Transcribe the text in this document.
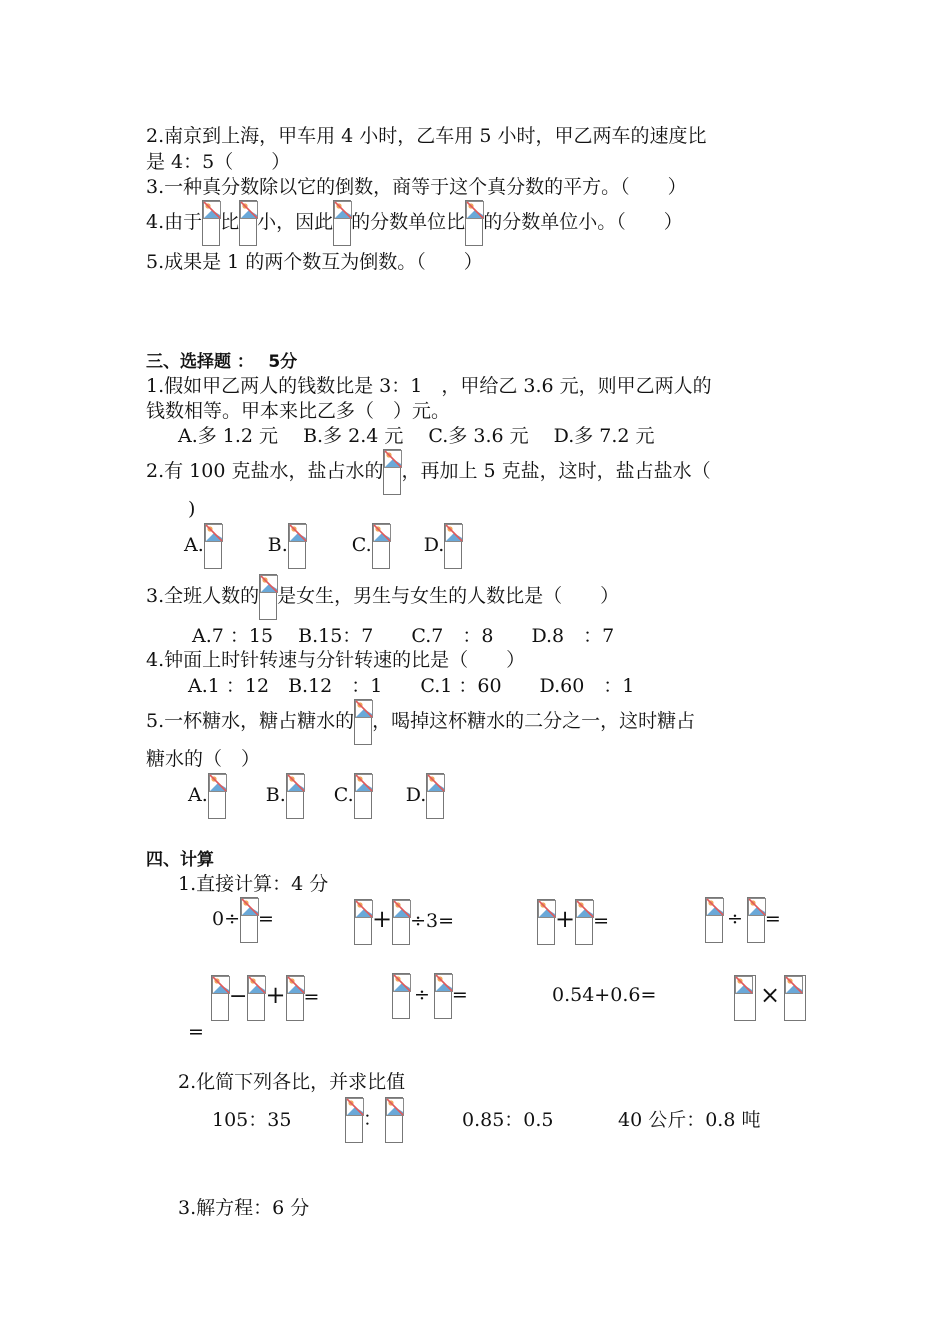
2.南京到上海，甲车用 4 小时，乙车用 5 小时，甲乙两车的速度比
是 4：5（　　）
3.一种真分数除以它的倒数，商等于这个真分数的平方。（　　）
4.由于 比 小，因此 的分数单位比 的分数单位小。（　　）
5.成果是 1 的两个数互为倒数。（　　）
三、选择题 ：　 5分
1.假如甲乙两人的钱数比是 3：1　，甲给乙 3.6 元，则甲乙两人的
钱数相等。甲本来比乙多（　）元。
A.多 1.2 元　 B.多 2.4 元　 C.多 3.6 元　 D.多 7.2 元
2.有 100 克盐水，盐占水的 ，再加上 5 克盐，这时，盐占盐水（
)
A.	B.	C.	D.
3.全班人数的 是女生，男生与女生的人数比是（　　）
A.7 ：15　 B.15：7　　C.7　：8　　D.8　：7
4.钟面上时针转速与分针转速的比是（　　）
A.1 ：12　B.12　：1　　C.1 ：60　　D.60　：1
5.一杯糖水，糖占糖水的 ，喝掉这杯糖水的二分之一，这时糖占
糖水的（　）
A.	B.	C.	D.
四、计算
1.直接计算：4 分
0÷ =	+ ÷3=	+ =	÷ =
− + =	÷ =	0.54+0.6=	×
=
2.化简下列各比，并求比值
105：35	：	0.85：0.5	40 公斤：0.8 吨
3.解方程：6 分
